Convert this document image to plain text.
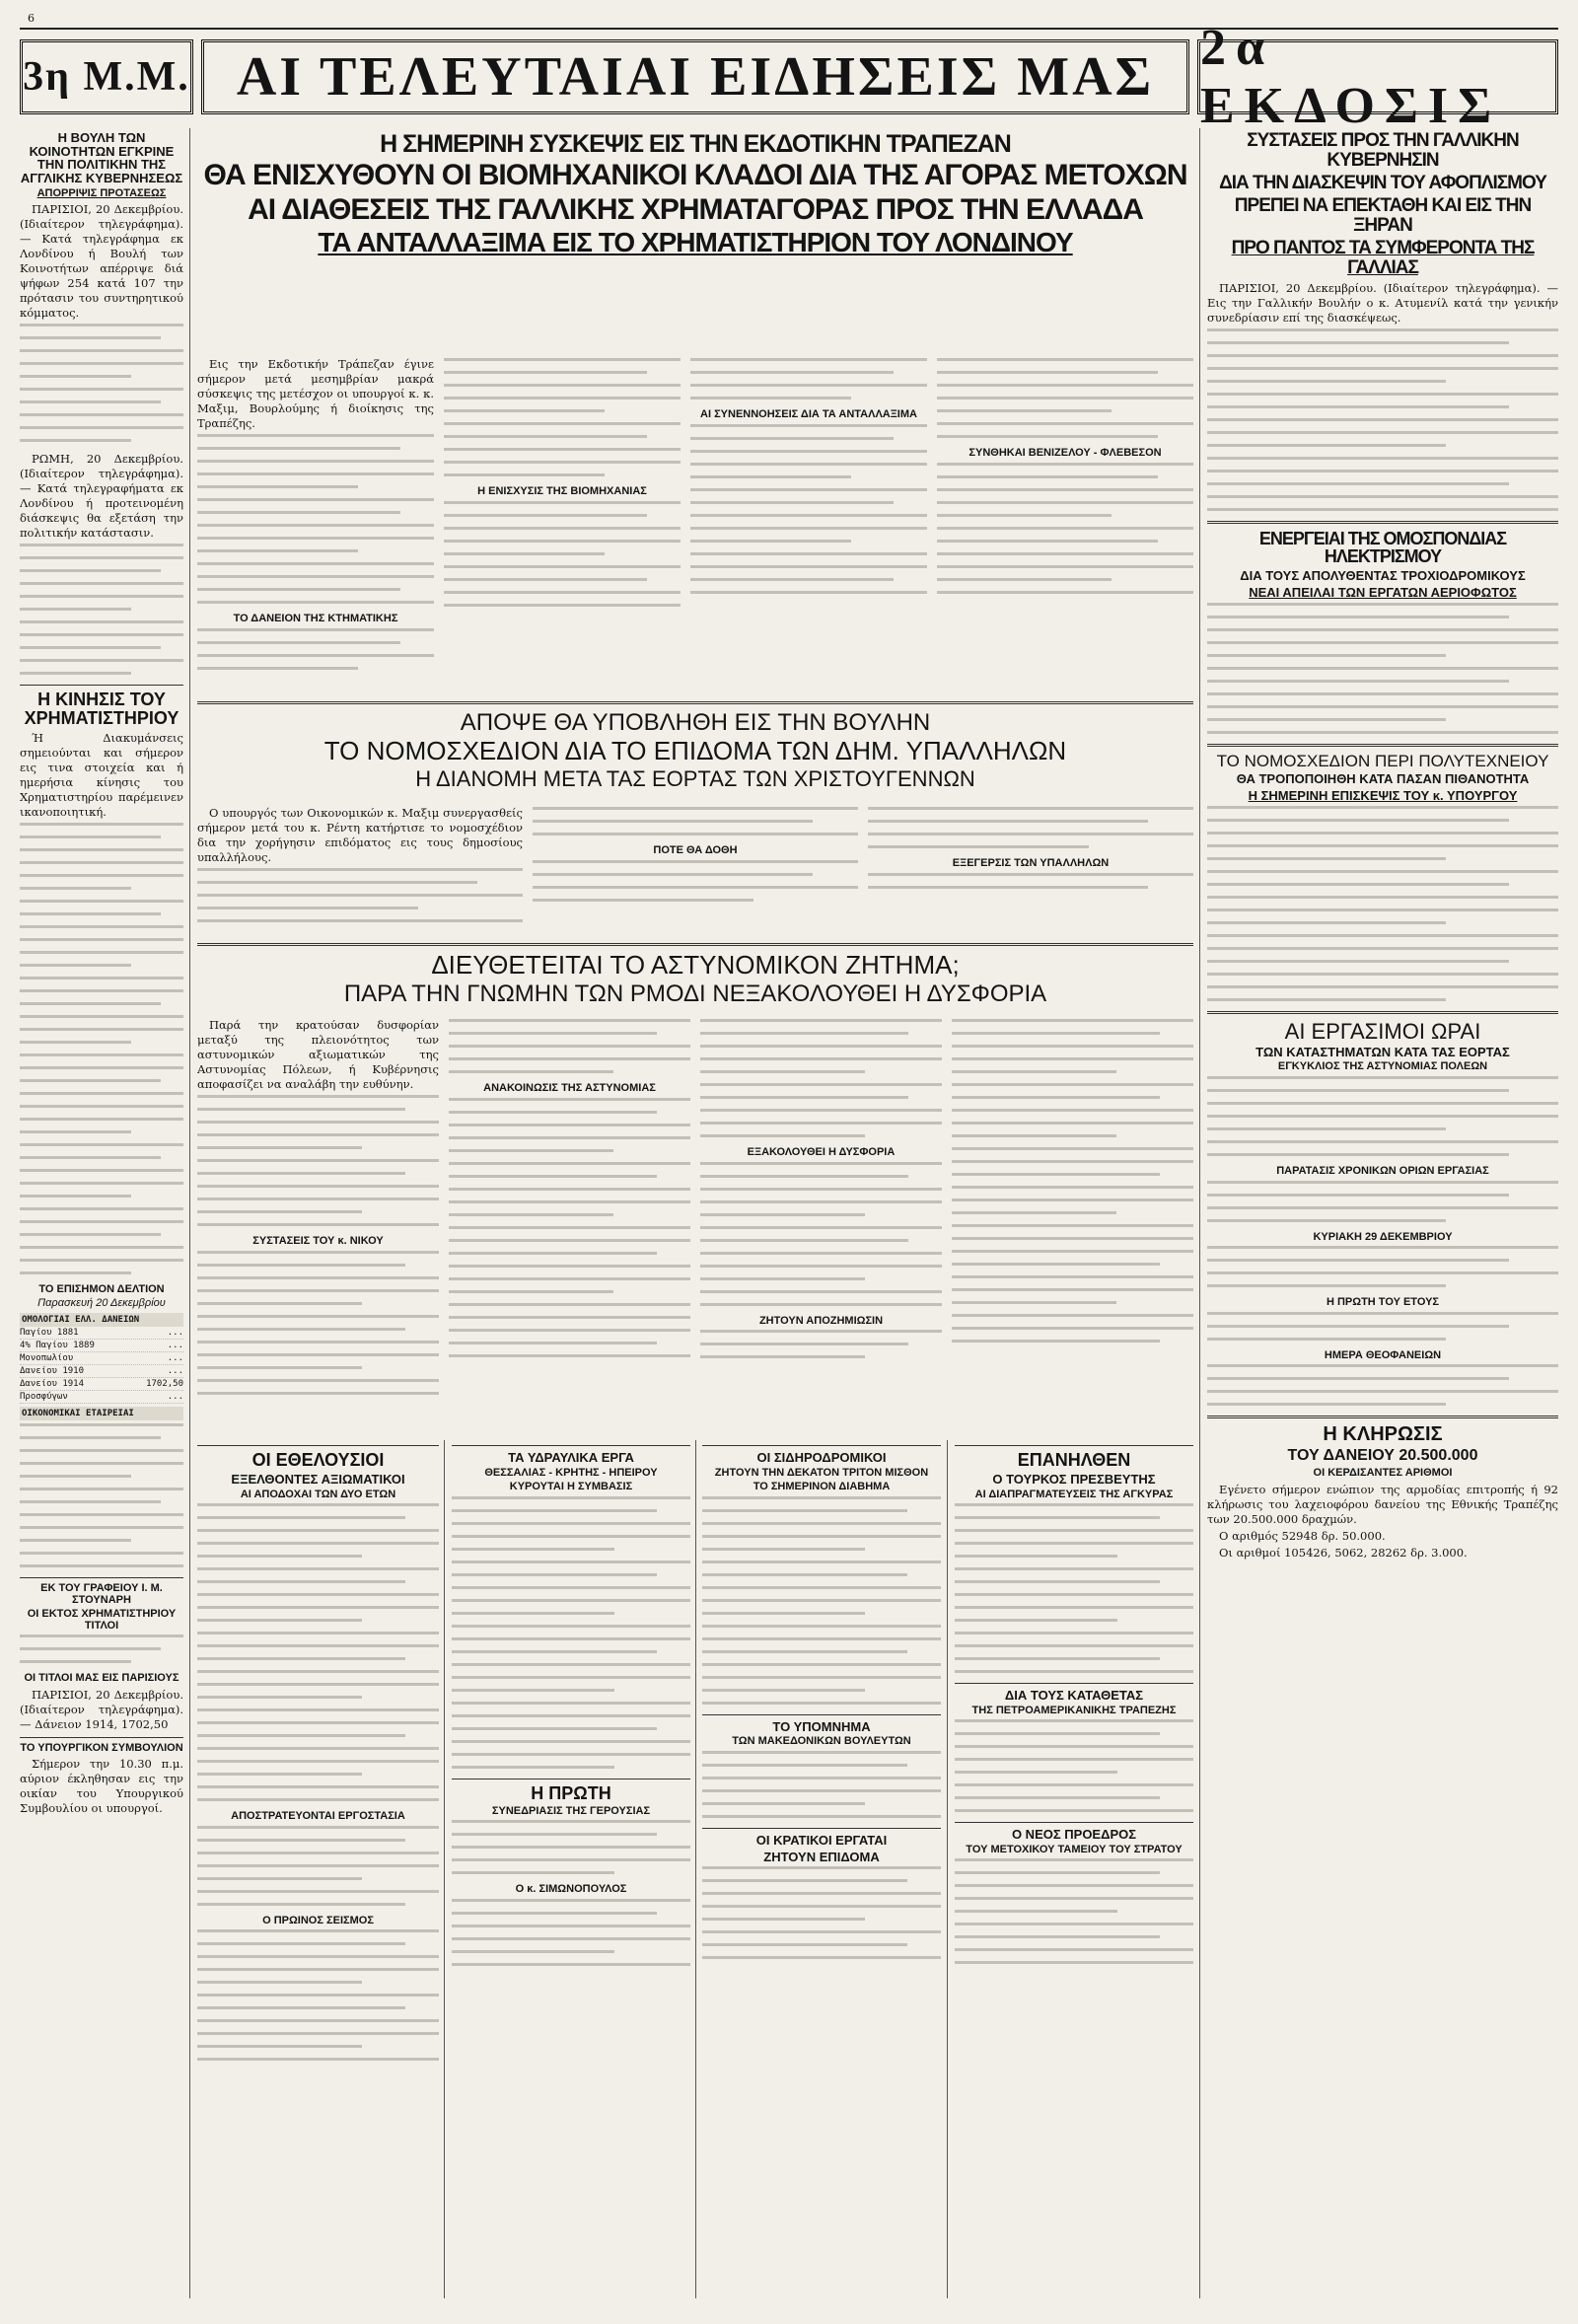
6
3η Μ.Μ. ΑΙ ΤΕΛΕΥΤΑΙΑΙ ΕΙΔΗΣΕΙΣ ΜΑΣ 2α ΕΚΔΟΣΙΣ
Η ΒΟΥΛΗ ΤΩΝ ΚΟΙΝΟΤΗΤΩΝ ΕΓΚΡΙΝΕ ΤΗΝ ΠΟΛΙΤΙΚΗΝ ΤΗΣ ΑΓΓΛΙΚΗΣ ΚΥΒΕΡΝΗΣΕΩΣ
ΑΠΟΡΡΙΨΙΣ ΠΡΟΤΑΣΕΩΣ

ΠΑΡΙΣΙΟΙ, 20 Δεκεμβρίου. (Ιδιαίτερον τηλεγράφημα). — Κατά τηλεγράφημα εκ Λονδίνου ή Βουλή των Κοινοτήτων απέρριψε διά ψήφων 254 κατά 107 την πρότασιν του συντηρητικού κόμματος.

ΡΩΜΗ, 20 Δεκεμβρίου. (Ιδιαίτερον τηλεγράφημα). — Κατά τηλεγραφήματα εκ Λονδίνου ή προτεινομένη διάσκεψις θα εξετάση την πολιτικήν κατάστασιν.

Η ΚΙΝΗΣΙΣ ΤΟΥ ΧΡΗΜΑΤΙΣΤΗΡΙΟΥ

Ή Διακυμάνσεις σημειούνται και σήμερον εις τινα στοιχεία και ή ημερήσια κίνησις του Χρηματιστηρίου παρέμεινεν ικανοποιητική.

ΤΟ ΕΠΙΣΗΜΟΝ ΔΕΛΤΙΟΝ
Παρασκευή 20 Δεκεμβρίου
ΟΜΟΛΟΓΙΑΙ ΕΛΛ. ΔΑΝΕΙΩΝ
Παγίου 1881	...
4% Παγίου 1889	...
Μονοπωλίου	...
Δανείου 1910	...
Δανείου 1914	1702,50
Προσφύγων	...
ΟΙΚΟΝΟΜΙΚΑΙ ΕΤΑΙΡΕΙΑΙ
ΕΚ ΤΟΥ ΓΡΑΦΕΙΟΥ Ι. Μ. ΣΤΟΥΝΑΡΗ
ΟΙ ΕΚΤΟΣ ΧΡΗΜΑΤΙΣΤΗΡΙΟΥ ΤΙΤΛΟΙ
ΟΙ ΤΙΤΛΟΙ ΜΑΣ ΕΙΣ ΠΑΡΙΣΙΟΥΣ

ΠΑΡΙΣΙΟΙ, 20 Δεκεμβρίου. (Ιδιαίτερον τηλεγράφημα). — Δάνειον 1914, 1702,50

ΤΟ ΥΠΟΥΡΓΙΚΟΝ ΣΥΜΒΟΥΛΙΟΝ

Σήμερον την 10.30 π.μ. αύριον έκληθησαν εις την οικίαν του Υπουργικού Συμβουλίου οι υπουργοί.

Η ΣΗΜΕΡΙΝΗ ΣΥΣΚΕΨΙΣ ΕΙΣ ΤΗΝ ΕΚΔΟΤΙΚΗΝ ΤΡΑΠΕΖΑΝ
ΘΑ ΕΝΙΣΧΥΘΟΥΝ ΟΙ ΒΙΟΜΗΧΑΝΙΚΟΙ ΚΛΑΔΟΙ ΔΙΑ ΤΗΣ ΑΓΟΡΑΣ ΜΕΤΟΧΩΝ
ΑΙ ΔΙΑΘΕΣΕΙΣ ΤΗΣ ΓΑΛΛΙΚΗΣ ΧΡΗΜΑΤΑΓΟΡΑΣ ΠΡΟΣ ΤΗΝ ΕΛΛΑΔΑ
ΤΑ ΑΝΤΑΛΛΑΞΙΜΑ ΕΙΣ ΤΟ ΧΡΗΜΑΤΙΣΤΗΡΙΟΝ ΤΟΥ ΛΟΝΔΙΝΟΥ

Εις την Εκδοτικήν Τράπεζαν έγινε σήμερον μετά μεσημβρίαν μακρά σύσκεψις της μετέσχον οι υπουργοί κ. κ. Μαξιμ, Βουρλούμης ή διοίκησις της Τραπέζης.

ΤΟ ΔΑΝΕΙΟΝ ΤΗΣ ΚΤΗΜΑΤΙΚΗΣ
Η ΕΝΙΣΧΥΣΙΣ ΤΗΣ ΒΙΟΜΗΧΑΝΙΑΣ
ΑΙ ΣΥΝΕΝΝΟΗΣΕΙΣ ΔΙΑ ΤΑ ΑΝΤΑΛΛΑΞΙΜΑ
ΣΥΝΘΗΚΑΙ ΒΕΝΙΖΕΛΟΥ - ΦΛΕΒΕΣΟΝ
ΑΠΟΨΕ ΘΑ ΥΠΟΒΛΗΘΗ ΕΙΣ ΤΗΝ ΒΟΥΛΗΝ
ΤΟ ΝΟΜΟΣΧΕΔΙΟΝ ΔΙΑ ΤΟ ΕΠΙΔΟΜΑ ΤΩΝ ΔΗΜ. ΥΠΑΛΛΗΛΩΝ
Η ΔΙΑΝΟΜΗ ΜΕΤΑ ΤΑΣ ΕΟΡΤΑΣ ΤΩΝ ΧΡΙΣΤΟΥΓΕΝΝΩΝ

Ο υπουργός των Οικονομικών κ. Μαξιμ συνεργασθείς σήμερον μετά του κ. Ρέντη κατήρτισε το νομοσχέδιον δια την χορήγησιν επιδόματος εις τους δημοσίους υπαλλήλους.	ΠΟΤΕ ΘΑ ΔΟΘΗ
ΕΞΕΓΕΡΣΙΣ ΤΩΝ ΥΠΑΛΛΗΛΩΝ
ΔΙΕΥΘΕΤΕΙΤΑΙ ΤΟ ΑΣΤΥΝΟΜΙΚΟΝ ΖΗΤΗΜΑ;
ΠΑΡΑ ΤΗΝ ΓΝΩΜΗΝ ΤΩΝ ΡΜΟΔΙ ΝΕΞΑΚΟΛΟΥΘΕΙ Η ΔΥΣΦΟΡΙΑ

Παρά την κρατούσαν δυσφορίαν μεταξύ της πλειονότητος των αστυνομικών αξιωματικών της Αστυνομίας Πόλεων, ή Κυβέρνησις αποφασίζει να αναλάβη την ευθύνην.

ΣΥΣΤΑΣΕΙΣ ΤΟΥ κ. ΝΙΚΟΥ
ΑΝΑΚΟΙΝΩΣΙΣ ΤΗΣ ΑΣΤΥΝΟΜΙΑΣ
ΕΞΑΚΟΛΟΥΘΕΙ Η ΔΥΣΦΟΡΙΑ
ΖΗΤΟΥΝ ΑΠΟΖΗΜΙΩΣΙΝ
ΟΙ ΕΘΕΛΟΥΣΙΟΙ
ΕΞΕΛΘΟΝΤΕΣ ΑΞΙΩΜΑΤΙΚΟΙ
ΑΙ ΑΠΟΔΟΧΑΙ ΤΩΝ ΔΥΟ ΕΤΩΝ
ΑΠΟΣΤΡΑΤΕΥΟΝΤΑΙ ΕΡΓΟΣΤΑΣΙΑ
Ο ΠΡΩΙΝΟΣ ΣΕΙΣΜΟΣ
ΤΑ ΥΔΡΑΥΛΙΚΑ ΕΡΓΑ
ΘΕΣΣΑΛΙΑΣ - ΚΡΗΤΗΣ - ΗΠΕΙΡΟΥ
ΚΥΡΟΥΤΑΙ Η ΣΥΜΒΑΣΙΣ
Η ΠΡΩΤΗ
ΣΥΝΕΔΡΙΑΣΙΣ ΤΗΣ ΓΕΡΟΥΣΙΑΣ
Ο κ. ΣΙΜΩΝΟΠΟΥΛΟΣ
ΟΙ ΣΙΔΗΡΟΔΡΟΜΙΚΟΙ
ΖΗΤΟΥΝ ΤΗΝ ΔΕΚΑΤΟΝ ΤΡΙΤΟΝ ΜΙΣΘΟΝ
ΤΟ ΣΗΜΕΡΙΝΟΝ ΔΙΑΒΗΜΑ
ΤΟ ΥΠΟΜΝΗΜΑ
ΤΩΝ ΜΑΚΕΔΟΝΙΚΩΝ ΒΟΥΛΕΥΤΩΝ
ΟΙ ΚΡΑΤΙΚΟΙ ΕΡΓΑΤΑΙ
ΖΗΤΟΥΝ ΕΠΙΔΟΜΑ
ΕΠΑΝΗΛΘΕΝ
Ο ΤΟΥΡΚΟΣ ΠΡΕΣΒΕΥΤΗΣ
ΑΙ ΔΙΑΠΡΑΓΜΑΤΕΥΣΕΙΣ ΤΗΣ ΑΓΚΥΡΑΣ
ΔΙΑ ΤΟΥΣ ΚΑΤΑΘΕΤΑΣ
ΤΗΣ ΠΕΤΡΟΑΜΕΡΙΚΑΝΙΚΗΣ ΤΡΑΠΕΖΗΣ
Ο ΝΕΟΣ ΠΡΟΕΔΡΟΣ
ΤΟΥ ΜΕΤΟΧΙΚΟΥ ΤΑΜΕΙΟΥ ΤΟΥ ΣΤΡΑΤΟΥ
ΣΥΣΤΑΣΕΙΣ ΠΡΟΣ ΤΗΝ ΓΑΛΛΙΚΗΝ ΚΥΒΕΡΝΗΣΙΝ
ΔΙΑ ΤΗΝ ΔΙΑΣΚΕΨΙΝ ΤΟΥ ΑΦΟΠΛΙΣΜΟΥ
ΠΡΕΠΕΙ ΝΑ ΕΠΕΚΤΑΘΗ ΚΑΙ ΕΙΣ ΤΗΝ ΞΗΡΑΝ
ΠΡΟ ΠΑΝΤΟΣ ΤΑ ΣΥΜΦΕΡΟΝΤΑ ΤΗΣ ΓΑΛΛΙΑΣ

ΠΑΡΙΣΙΟΙ, 20 Δεκεμβρίου. (Ιδιαίτερον τηλεγράφημα). — Εις την Γαλλικήν Βουλήν ο κ. Ατυμενίλ κατά την γενικήν συνεδρίασιν επί της διασκέψεως.

ΕΝΕΡΓΕΙΑΙ ΤΗΣ ΟΜΟΣΠΟΝΔΙΑΣ ΗΛΕΚΤΡΙΣΜΟΥ
ΔΙΑ ΤΟΥΣ ΑΠΟΛΥΘΕΝΤΑΣ ΤΡΟΧΙΟΔΡΟΜΙΚΟΥΣ
ΝΕΑΙ ΑΠΕΙΛΑΙ ΤΩΝ ΕΡΓΑΤΩΝ ΑΕΡΙΟΦΩΤΟΣ
ΤΟ ΝΟΜΟΣΧΕΔΙΟΝ ΠΕΡΙ ΠΟΛΥΤΕΧΝΕΙΟΥ
ΘΑ ΤΡΟΠΟΠΟΙΗΘΗ ΚΑΤΑ ΠΑΣΑΝ ΠΙΘΑΝΟΤΗΤΑ
Η ΣΗΜΕΡΙΝΗ ΕΠΙΣΚΕΨΙΣ ΤΟΥ κ. ΥΠΟΥΡΓΟΥ
ΑΙ ΕΡΓΑΣΙΜΟΙ ΩΡΑΙ
ΤΩΝ ΚΑΤΑΣΤΗΜΑΤΩΝ ΚΑΤΑ ΤΑΣ ΕΟΡΤΑΣ
ΕΓΚΥΚΛΙΟΣ ΤΗΣ ΑΣΤΥΝΟΜΙΑΣ ΠΟΛΕΩΝ
ΠΑΡΑΤΑΣΙΣ ΧΡΟΝΙΚΩΝ ΟΡΙΩΝ ΕΡΓΑΣΙΑΣ
ΚΥΡΙΑΚΗ 29 ΔΕΚΕΜΒΡΙΟΥ
Η ΠΡΩΤΗ ΤΟΥ ΕΤΟΥΣ
ΗΜΕΡΑ ΘΕΟΦΑΝΕΙΩΝ
Η ΚΛΗΡΩΣΙΣ
ΤΟΥ ΔΑΝΕΙΟΥ 20.500.000
ΟΙ ΚΕΡΔΙΣΑΝΤΕΣ ΑΡΙΘΜΟΙ

Εγένετο σήμερον ενώπιον της αρμοδίας επιτροπής ή 92 κλήρωσις του λαχειοφόρου δανείου της Εθνικής Τραπέζης των 20.500.000 δραχμών.

Ο αριθμός 52948 δρ. 50.000.

Οι αριθμοί 105426, 5062, 28262 δρ. 3.000.
